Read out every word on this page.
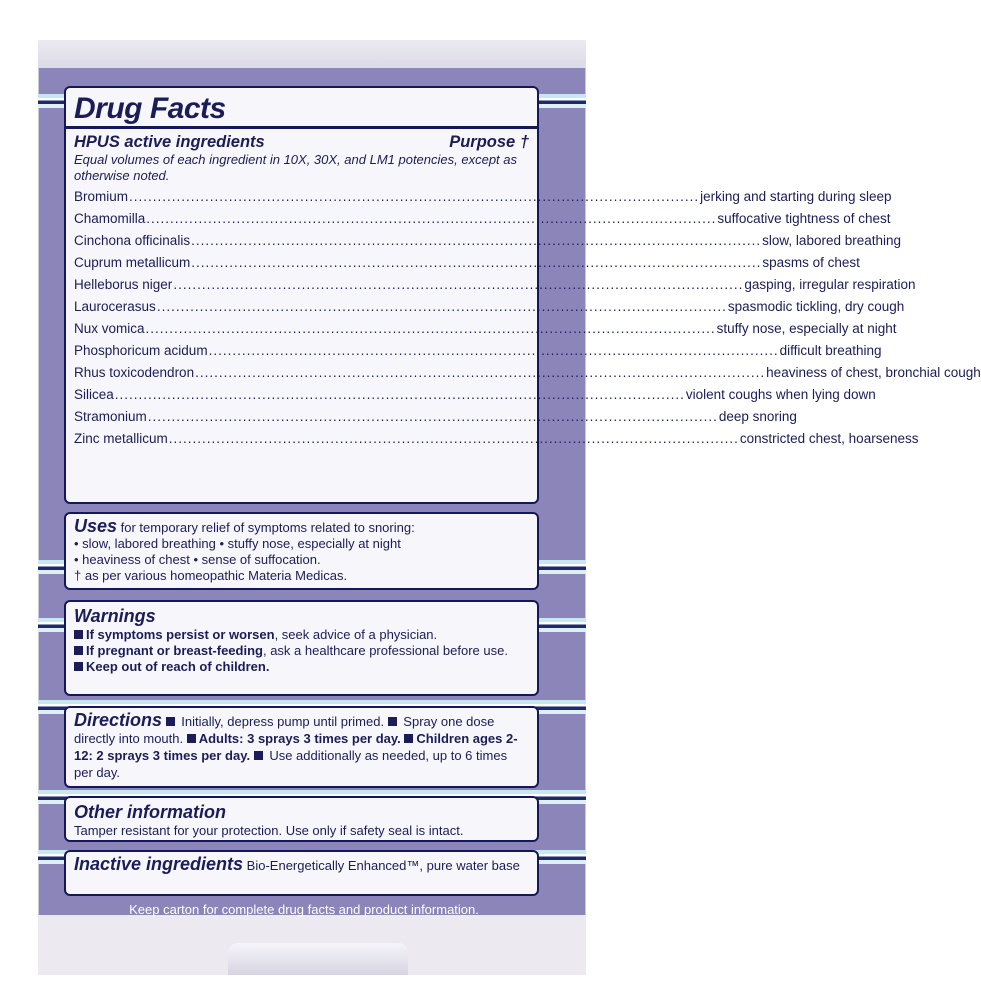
Drug Facts
HPUS active ingredients	Purpose †
Equal volumes of each ingredient in 10X, 30X, and LM1 potencies, except as otherwise noted.
Bromium ........................................................................................................................ jerking and starting during sleep
Chamomilla ........................................................................................................................ suffocative tightness of chest
Cinchona officinalis ........................................................................................................................ slow, labored breathing
Cuprum metallicum ........................................................................................................................ spasms of chest
Helleborus niger ........................................................................................................................ gasping, irregular respiration
Laurocerasus ........................................................................................................................ spasmodic tickling, dry cough
Nux vomica ........................................................................................................................ stuffy nose, especially at night
Phosphoricum acidum ........................................................................................................................ difficult breathing
Rhus toxicodendron ........................................................................................................................ heaviness of chest, bronchial cough
Silicea ........................................................................................................................ violent coughs when lying down
Stramonium ........................................................................................................................ deep snoring
Zinc metallicum ........................................................................................................................ constricted chest, hoarseness
Uses for temporary relief of symptoms related to snoring:
• slow, labored breathing • stuffy nose, especially at night
• heaviness of chest • sense of suffocation.
† as per various homeopathic Materia Medicas.
Warnings
If symptoms persist or worsen, seek advice of a physician.
If pregnant or breast-feeding, ask a healthcare professional before use.
Keep out of reach of children.
Directions  Initially, depress pump until primed.  Spray one dose directly into mouth. Adults: 3 sprays 3 times per day. Children ages 2-12: 2 sprays 3 times per day.  Use additionally as needed, up to 6 times per day.
Other information
Tamper resistant for your protection. Use only if safety seal is intact.
Inactive ingredients Bio-Energetically Enhanced™, pure water base
Keep carton for complete drug facts and product information.
